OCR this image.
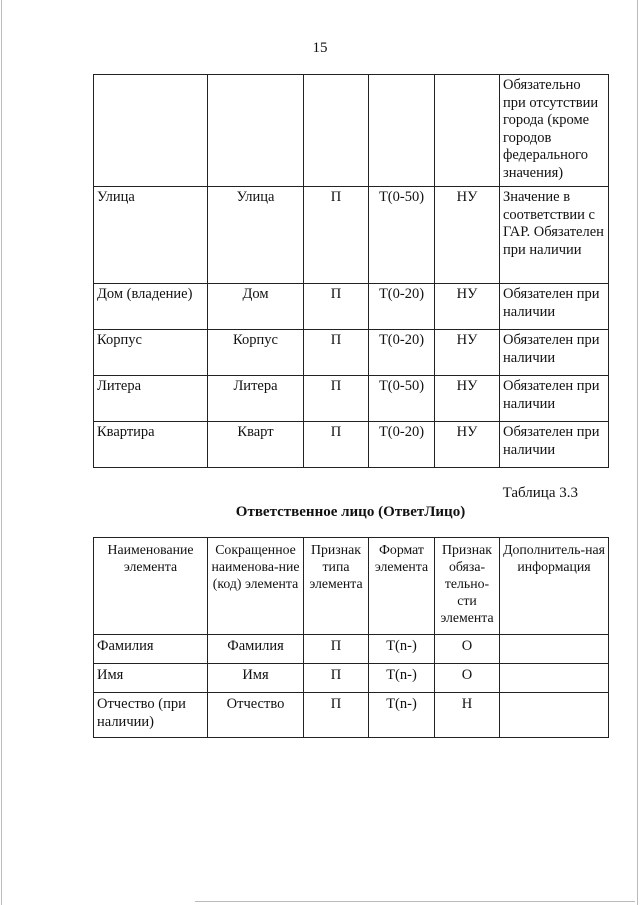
15
					Обязательно при отсутствии города (кроме городов федерального значения)
Улица	Улица	П	Т(0-50)	НУ	Значение в соответствии с ГАР. Обязателен при наличии
Дом (владение)	Дом	П	Т(0-20)	НУ	Обязателен при наличии
Корпус	Корпус	П	Т(0-20)	НУ	Обязателен при наличии
Литера	Литера	П	Т(0-50)	НУ	Обязателен при наличии
Квартира	Кварт	П	Т(0-20)	НУ	Обязателен при наличии
Таблица 3.3
Ответственное лицо (ОтветЛицо)
Наименование элемента	Сокращенное наименова-ние (код) элемента	Признак типа элемента	Формат элемента	Признак обяза-тельно-сти элемента	Дополнитель-ная информация
Фамилия	Фамилия	П	T(n-)	О	
Имя	Имя	П	T(n-)	О	
Отчество (при наличии)	Отчество	П	T(n-)	Н	
